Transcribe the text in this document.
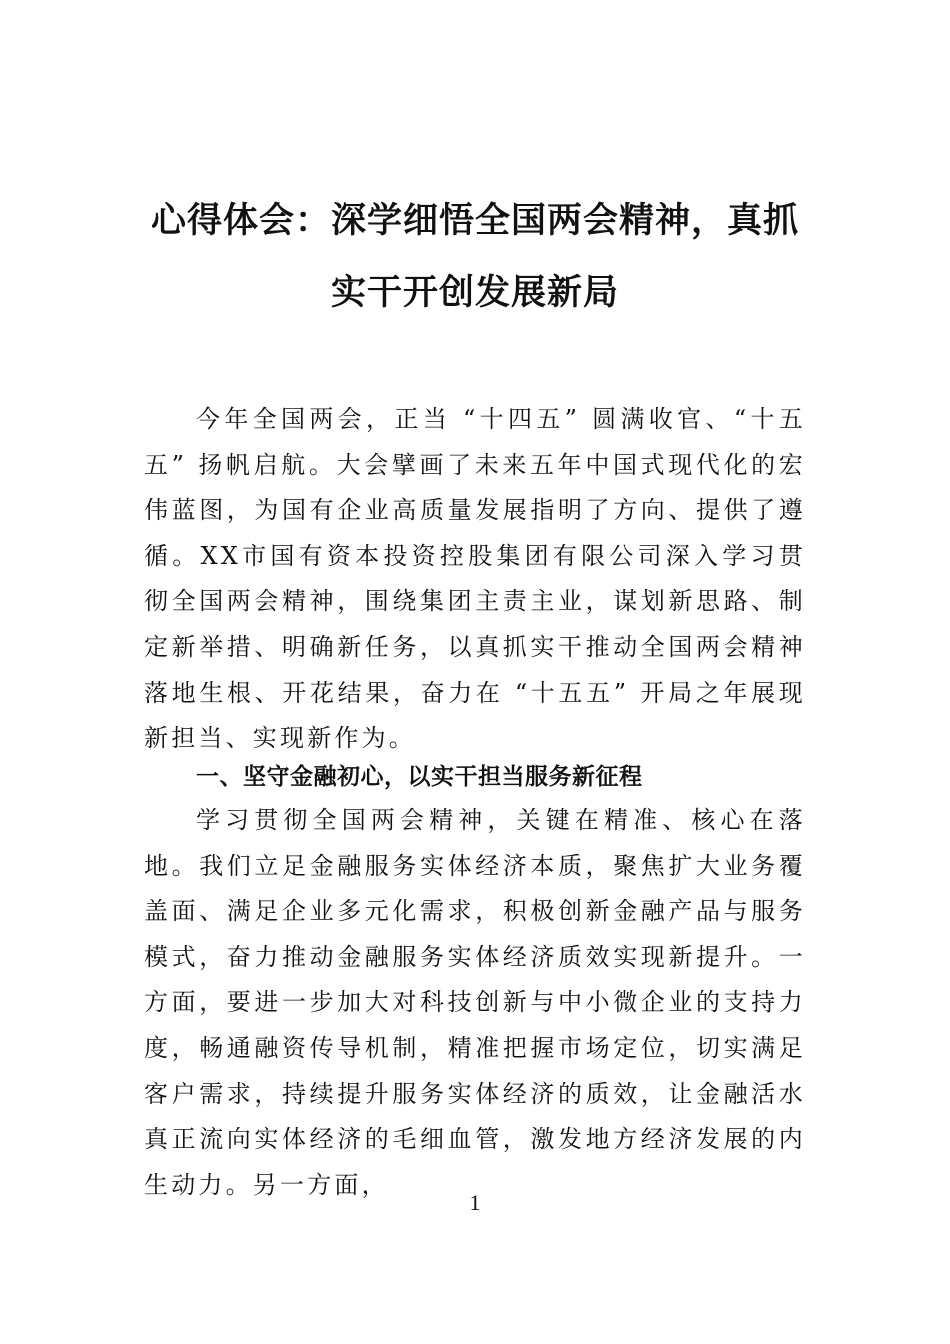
心得体会：深学细悟全国两会精神，真抓
实干开创发展新局

今年全国两会，正当 “十四五” 圆满收官、“十五五” 扬帆启航。大会擘画了未来五年中国式现代化的宏伟蓝图，为国有企业高质量发展指明了方向、提供了遵循。XX市国有资本投资控股集团有限公司深入学习贯彻全国两会精神，围绕集团主责主业，谋划新思路、制定新举措、明确新任务，以真抓实干推动全国两会精神落地生根、开花结果，奋力在 “十五五” 开局之年展现新担当、实现新作为。

一、坚守金融初心，以实干担当服务新征程

学习贯彻全国两会精神，关键在精准、核心在落地。我们立足金融服务实体经济本质，聚焦扩大业务覆盖面、满足企业多元化需求，积极创新金融产品与服务模式，奋力推动金融服务实体经济质效实现新提升。一方面，要进一步加大对科技创新与中小微企业的支持力度，畅通融资传导机制，精准把握市场定位，切实满足客户需求，持续提升服务实体经济的质效，让金融活水真正流向实体经济的毛细血管，激发地方经济发展的内生动力。另一方面，

1
